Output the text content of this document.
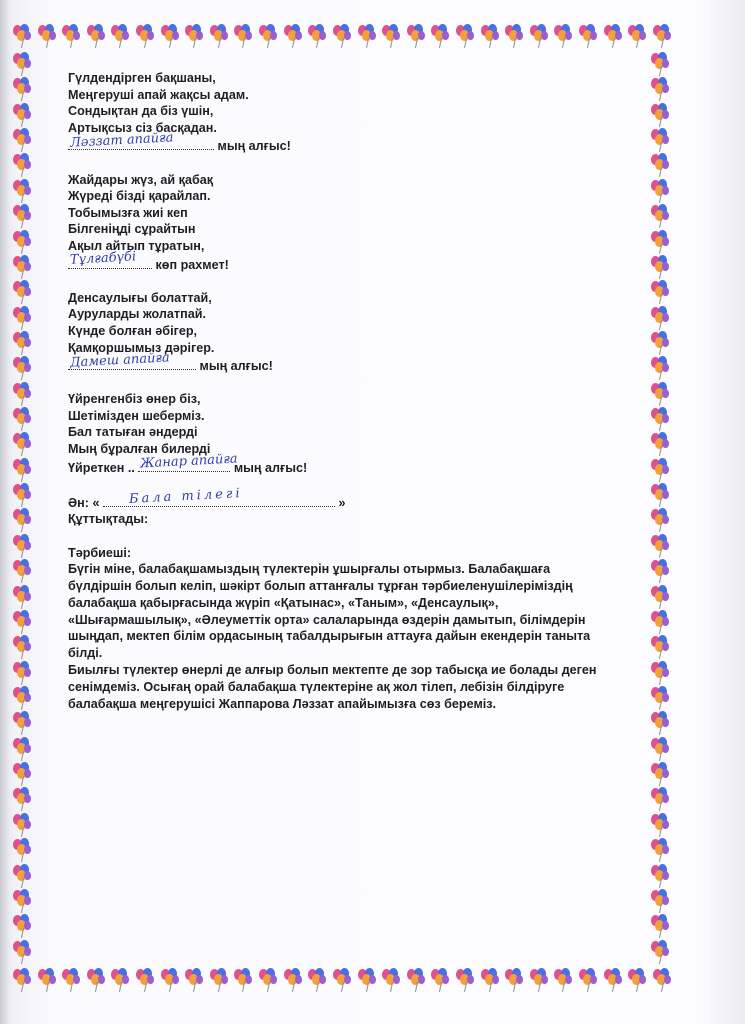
Гүлдендірген бақшаны,
Меңгеруші апай жақсы адам.
Сондықтан да біз үшін,
Артықсыз сіз басқадан.
Ләззат апайға	мың алғыс!
Жайдары жүз, ай қабақ
Жүреді бізді қарайлап.
Тобымызға жиі кеп
Білгеніңді сұрайтын
Ақыл айтып тұратын,
Тұлғабүбі көп рахмет!
Денсаулығы болаттай,
Ауруларды жолатпай.
Күнде болған әбігер,
Қамқоршымыз дәрігер.
Дамеш апайға мың алғыс!
Үйренгенбіз өнер біз,
Шетімізден шеберміз.
Бал татыған әндерді
Мың бұралған билерді
Үйреткен .. Жанар апайға
мың алғыс!
Ән: « Бала тілегі	»
Құттықтады:
Тәрбиеші:
Бүгін міне, балабақшамыздың түлектерін ұшырғалы отырмыз. Балабақшаға
бүлдіршін болып келіп, шәкірт болып аттанғалы тұрған тәрбиеленушілеріміздің
балабақша қабырғасында жүріп «Қатынас», «Таным», «Денсаулық»,
«Шығармашылық», «Әлеуметтік орта» салаларында өздерін дамытып, білімдерін
шыңдап, мектеп білім ордасының табалдырығын аттауға дайын екендерін таныта
білді.
Биылғы түлектер өнерлі де алғыр болып мектепте де зор табысқа ие болады деген
сенімдеміз. Осығаң орай балабақша түлектеріне ақ жол тілеп, лебізін білдіруге
балабақша меңгерушісі Жаппарова Ләззат апайымызға сөз береміз.
